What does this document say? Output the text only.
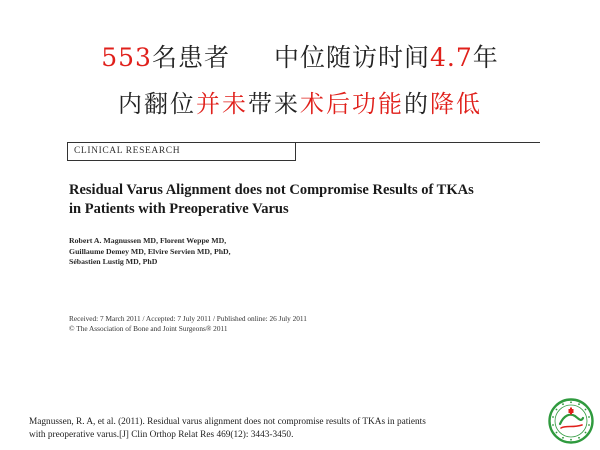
553名患者 中位随访时间4.7年
内翻位并未带来术后功能的降低
CLINICAL RESEARCH
Residual Varus Alignment does not Compromise Results of TKAs
in Patients with Preoperative Varus
Robert A. Magnussen MD, Florent Weppe MD,
Guillaume Demey MD, Elvire Servien MD, PhD,
Sébastien Lustig MD, PhD
Received: 7 March 2011 / Accepted: 7 July 2011 / Published online: 26 July 2011
© The Association of Bone and Joint Surgeons® 2011
Magnussen, R. A, et al. (2011). Residual varus alignment does not compromise results of TKAs in patients
with preoperative varus.[J] Clin Orthop Relat Res 469(12): 3443-3450.
